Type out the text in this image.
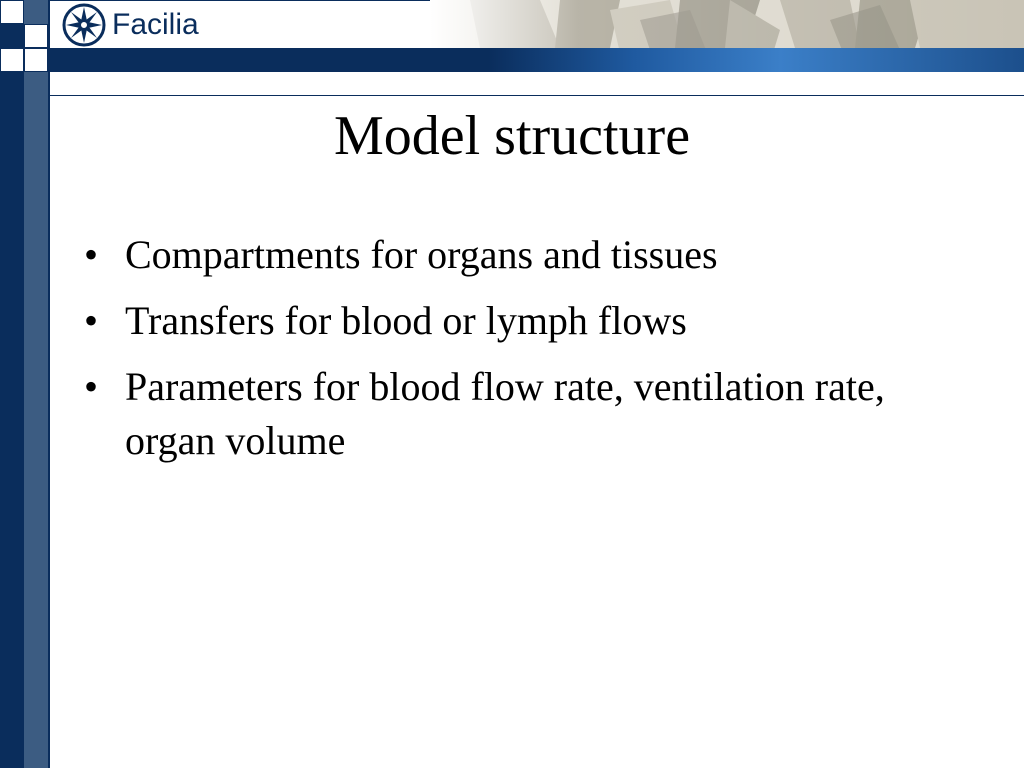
Facilia
Model structure
• Compartments for organs and tissues
• Transfers for blood or lymph flows
• Parameters for blood flow rate, ventilation rate, organ volume
